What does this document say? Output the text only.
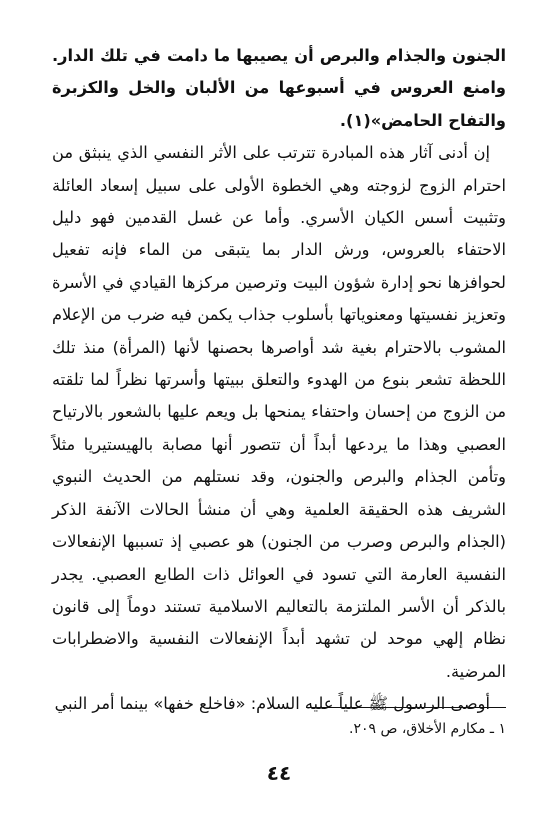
الجنون والجذام والبرص أن يصيبها ما دامت في تلك الدار. وامنع العروس في أسبوعها من الألبان والخل والكزبرة والتفاح الحامض»(١).

إن أدنى آثار هذه المبادرة تترتب على الأثر النفسي الذي ينبثق من احترام الزوج لزوجته وهي الخطوة الأولى على سبيل إسعاد العائلة وتثبيت أسس الكيان الأسري. وأما عن غسل القدمين فهو دليل الاحتفاء بالعروس، ورش الدار بما يتبقى من الماء فإنه تفعيل لحوافزها نحو إدارة شؤون البيت وترصين مركزها القيادي في الأسرة وتعزيز نفسيتها ومعنوياتها بأسلوب جذاب يكمن فيه ضرب من الإعلام المشوب بالاحترام بغية شد أواصرها بحصنها لأنها (المرأة) منذ تلك اللحظة تشعر بنوع من الهدوء والتعلق ببيتها وأسرتها نظراً لما تلقته من الزوج من إحسان واحتفاء يمنحها بل ويعم عليها بالشعور بالارتياح العصبي وهذا ما يردعها أبداً أن تتصور أنها مصابة بالهيستيريا مثلاً وتأمن الجذام والبرص والجنون، وقد نستلهم من الحديث النبوي الشريف هذه الحقيقة العلمية وهي أن منشأ الحالات الآنفة الذكر (الجذام والبرص وصرب من الجنون) هو عصبي إذ تسببها الإنفعالات النفسية العارمة التي تسود في العوائل ذات الطابع العصبي. يجدر بالذكر أن الأسر الملتزمة بالتعاليم الاسلامية تستند دوماً إلى قانون نظام إلهي موحد لن تشهد أبداً الإنفعالات النفسية والاضطرابات المرضية.

أوصى الرسول ﷺ علياً عليه السلام: «فاخلع خفها» بينما أمر النبي

١ ـ مكارم الأخلاق، ص ٢٠٩.
٤٤
